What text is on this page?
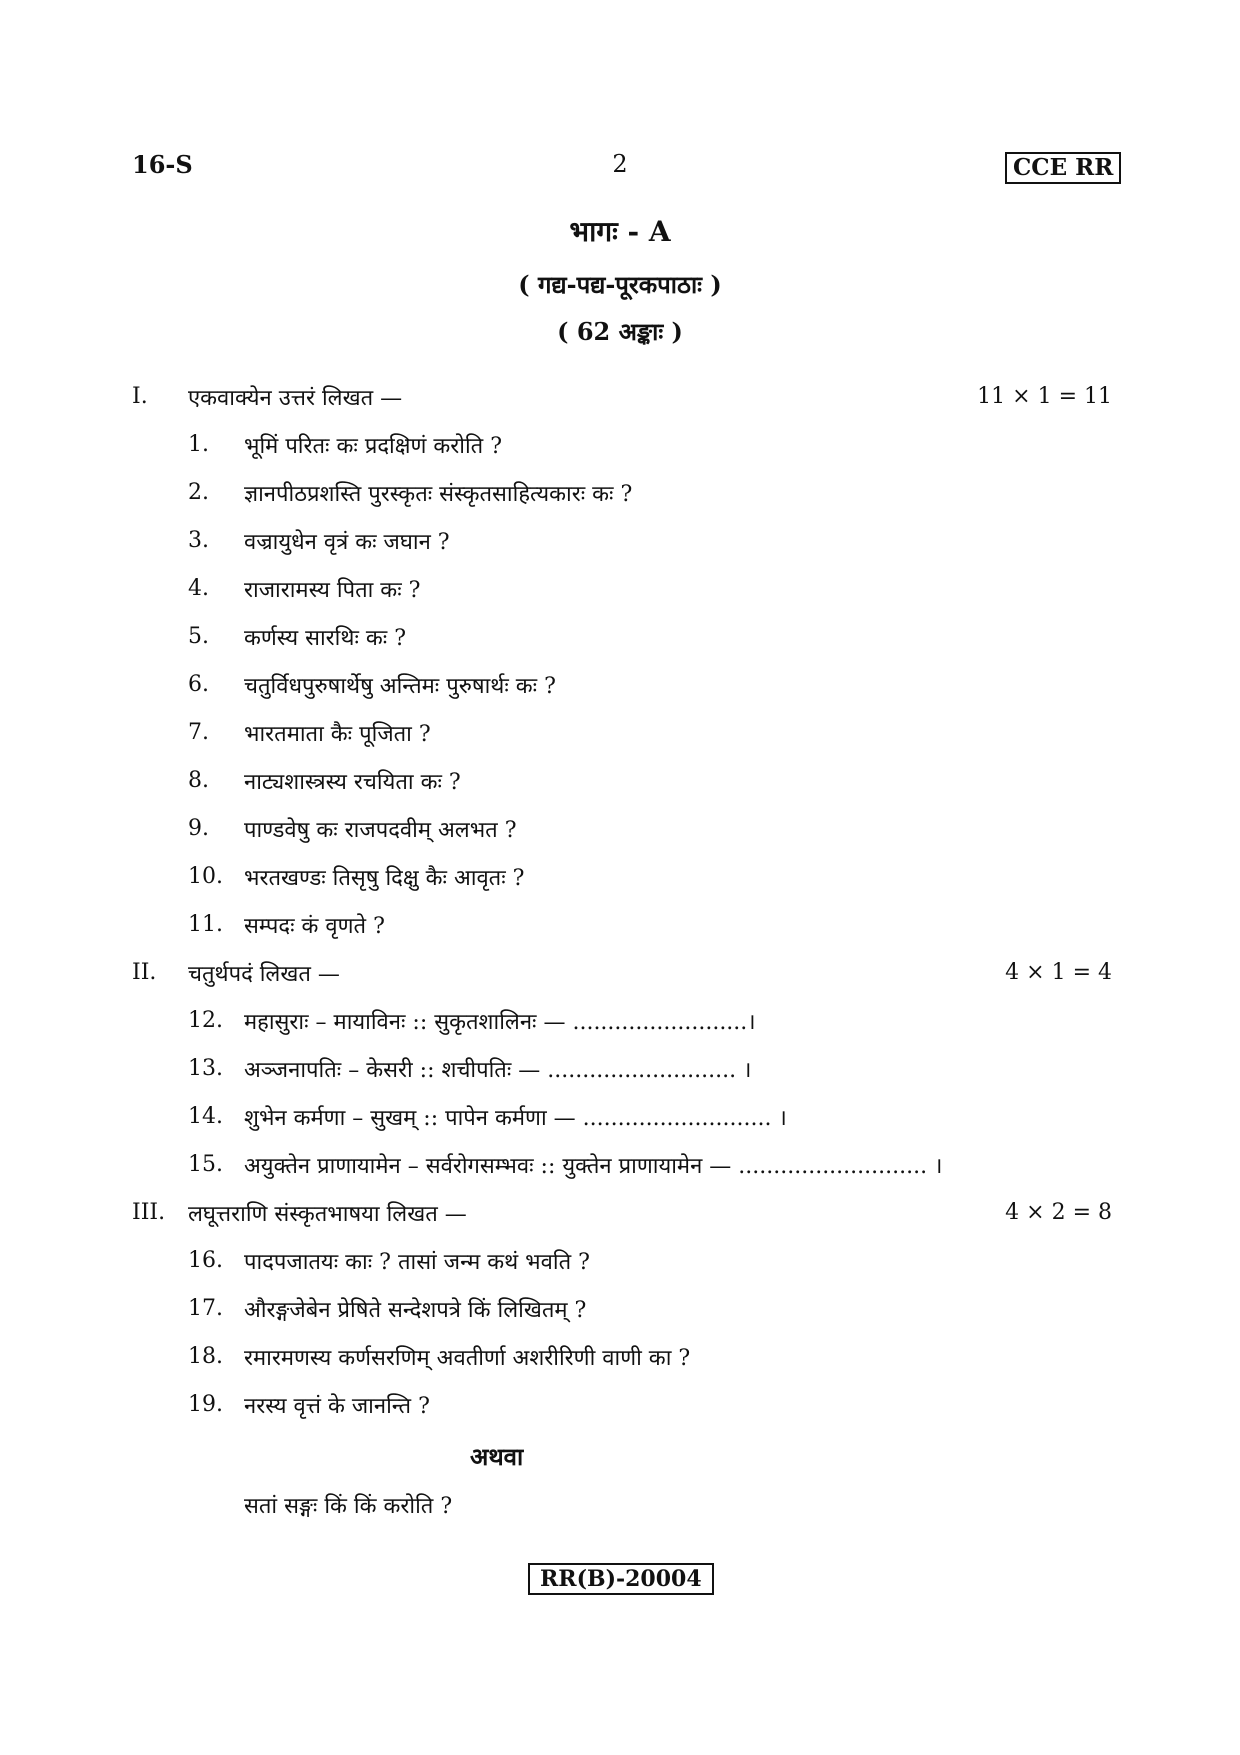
16-S	2	CCE RR
भागः - A
( गद्य-पद्य-पूरकपाठाः )
( 62 अङ्काः )
I. एकवाक्येन उत्तरं लिखत —	11 × 1 = 11
1.	भूमिं परितः कः प्रदक्षिणं करोति ?
2.	ज्ञानपीठप्रशस्ति पुरस्कृतः संस्कृतसाहित्यकारः कः ?
3.	वज्रायुधेन वृत्रं कः जघान ?
4.	राजारामस्य पिता कः ?
5.	कर्णस्य सारथिः कः ?
6.	चतुर्विधपुरुषार्थेषु अन्तिमः पुरुषार्थः कः ?
7.	भारतमाता कैः पूजिता ?
8.	नाट्यशास्त्रस्य रचयिता कः ?
9.	पाण्डवेषु कः राजपदवीम् अलभत ?
10. भरतखण्डः तिसृषु दिक्षु कैः आवृतः ?
11. सम्पदः कं वृणते ?
II. चतुर्थपदं लिखत —	4 × 1 = 4
12. महासुराः – मायाविनः :: सुकृतशालिनः — .........................।
13. अञ्जनापतिः – केसरी :: शचीपतिः — ........................... ।
14. शुभेन कर्मणा – सुखम् :: पापेन कर्मणा — ........................... ।
15. अयुक्तेन प्राणायामेन – सर्वरोगसम्भवः :: युक्तेन प्राणायामेन — ........................... ।
III. लघूत्तराणि संस्कृतभाषया लिखत —	4 × 2 = 8
16. पादपजातयः काः ? तासां जन्म कथं भवति ?
17. औरङ्गजेबेन प्रेषिते सन्देशपत्रे किं लिखितम् ?
18. रमारमणस्य कर्णसरणिम् अवतीर्णा अशरीरिणी वाणी का ?
19. नरस्य वृत्तं के जानन्ति ?
अथवा
सतां सङ्गः किं किं करोति ?
RR(B)-20004
